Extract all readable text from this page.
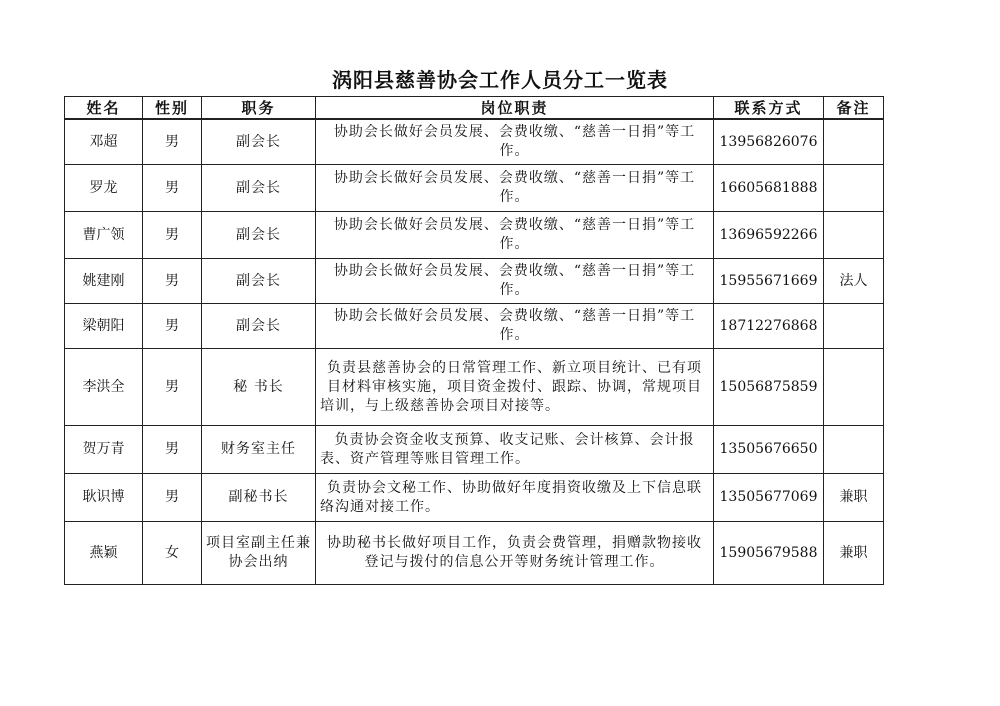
涡阳县慈善协会工作人员分工一览表
姓名	性别	职务	岗位职责	联系方式	备注
邓超	男	副会长	协助会长做好会员发展、会费收缴、“慈善一日捐”等工作。	13956826076	
罗龙	男	副会长	协助会长做好会员发展、会费收缴、“慈善一日捐”等工作。	16605681888	
曹广领	男	副会长	协助会长做好会员发展、会费收缴、“慈善一日捐”等工作。	13696592266	
姚建刚	男	副会长	协助会长做好会员发展、会费收缴、“慈善一日捐”等工作。	15955671669	法人
梁朝阳	男	副会长	协助会长做好会员发展、会费收缴、“慈善一日捐”等工作。	18712276868	
李洪全	男	秘 书长	负责县慈善协会的日常管理工作、新立项目统计、已有项目材料审核实施，项目资金拨付、跟踪、协调，常规项目培训，与上级慈善协会项目对接等。	15056875859	
贺万青	男	财务室主任	负责协会资金收支预算、收支记账、会计核算、会计报表、资产管理等账目管理工作。	13505676650	
耿识博	男	副秘书长	负责协会文秘工作、协助做好年度捐资收缴及上下信息联络沟通对接工作。	13505677069	兼职
燕颖	女	项目室副主任兼协会出纳	协助秘书长做好项目工作，负责会费管理，捐赠款物接收登记与拨付的信息公开等财务统计管理工作。	15905679588	兼职
